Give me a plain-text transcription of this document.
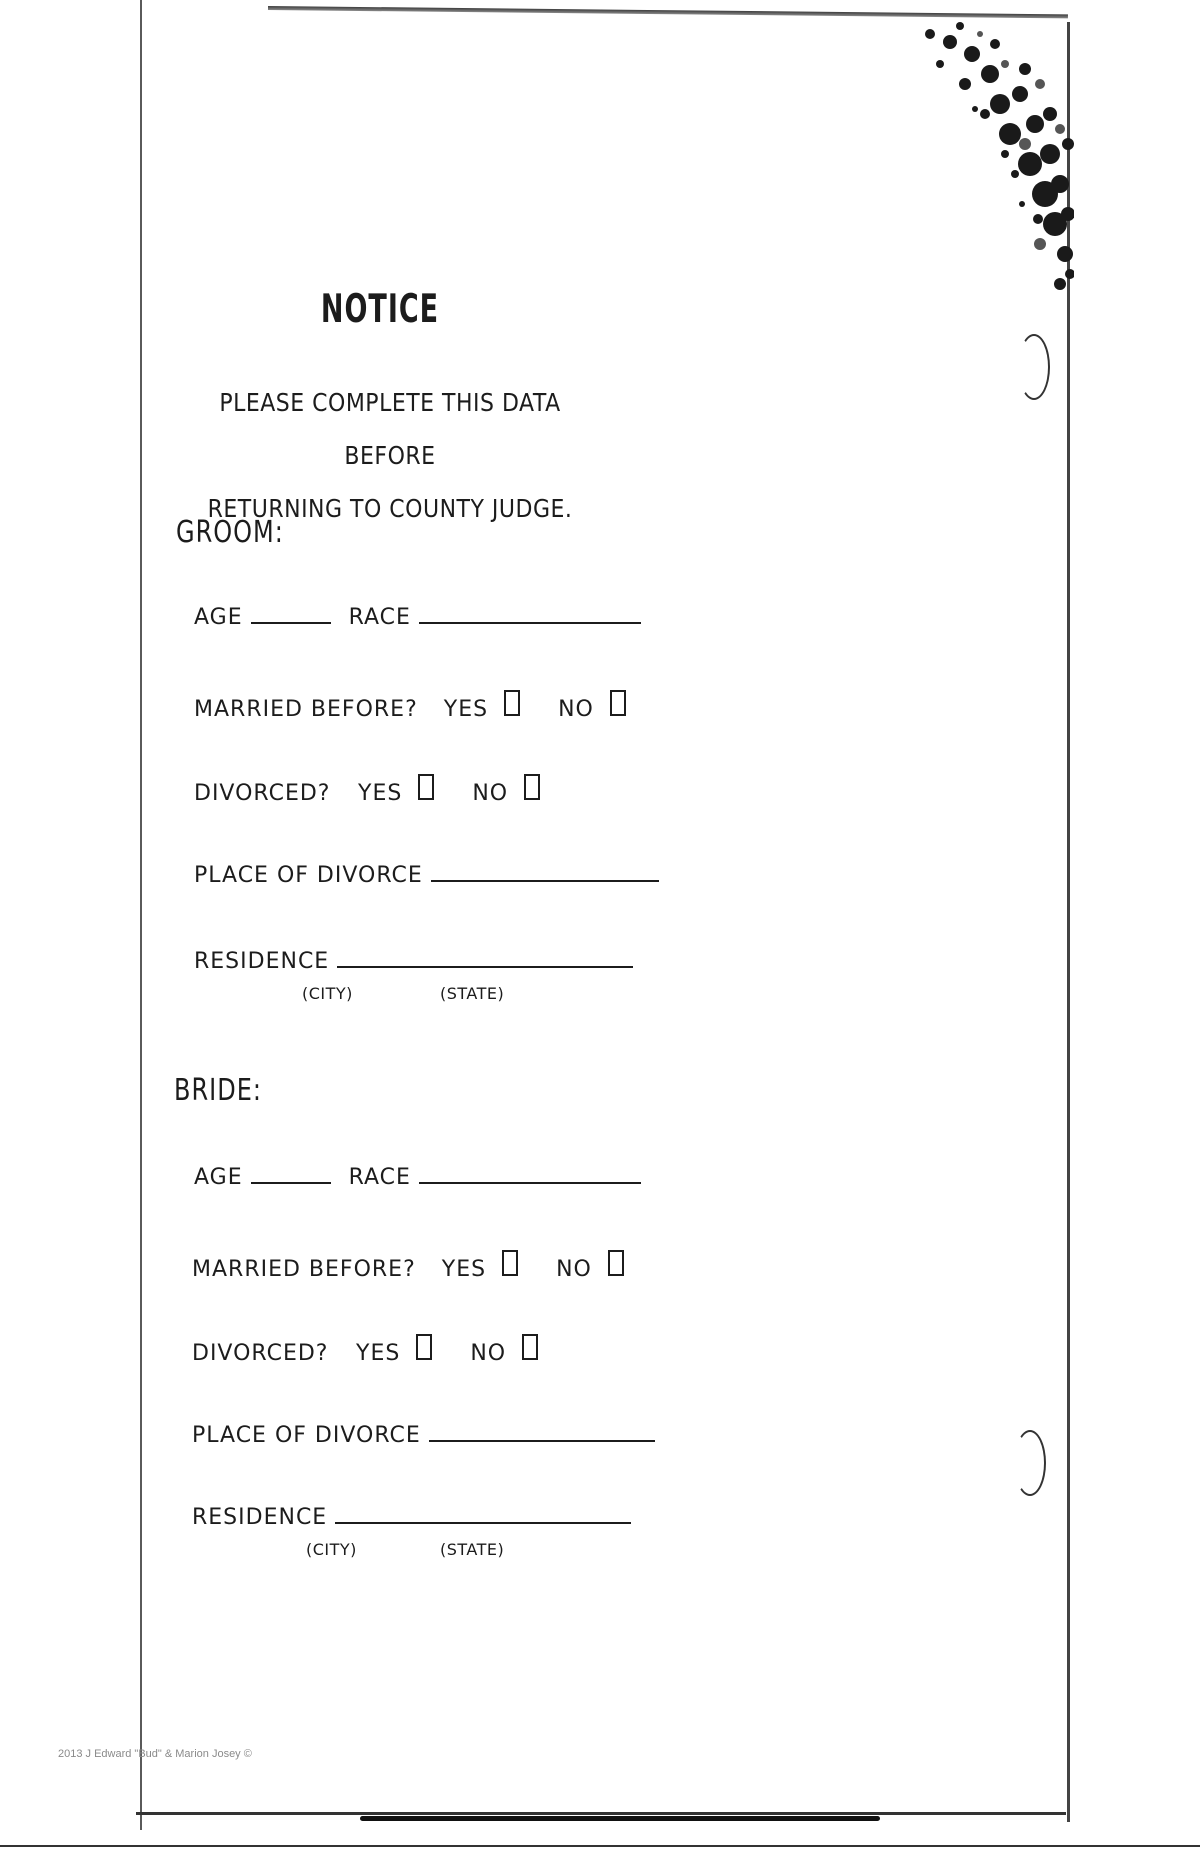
NOTICE
PLEASE COMPLETE THIS DATA BEFORE
RETURNING TO COUNTY JUDGE.
GROOM:
AGE	RACE
MARRIED BEFORE? YES	NO
DIVORCED? YES	NO
PLACE OF DIVORCE
RESIDENCE
(CITY)	(STATE)
BRIDE:
AGE	RACE
MARRIED BEFORE? YES	NO
DIVORCED? YES	NO
PLACE OF DIVORCE
RESIDENCE
(CITY)	(STATE)
2013 J Edward "Bud" & Marion Josey ©
